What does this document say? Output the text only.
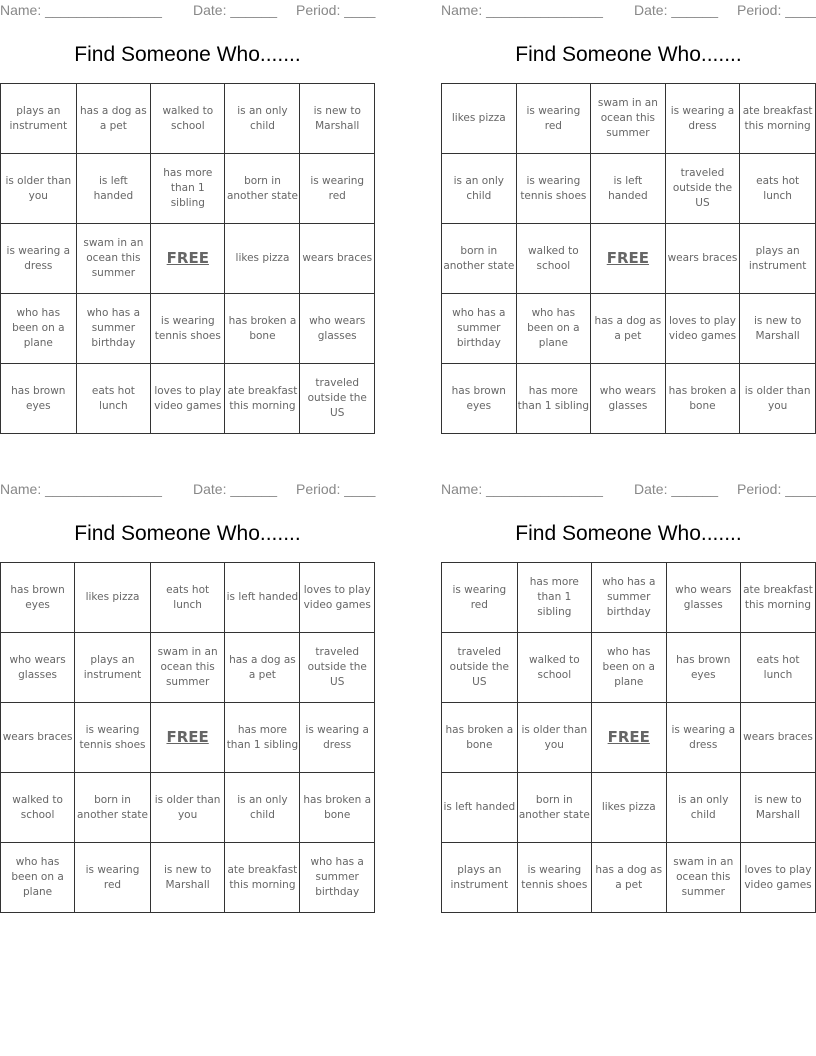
Name: _______________ Date: ______ Period: ____
Find Someone Who.......
plays an instrument	has a dog as a pet	walked to school	is an only child	is new to Marshall
is older than you	is left handed	has more than 1 sibling	born in another state	is wearing red
is wearing a dress	swam in an ocean this summer	FREE	likes pizza	wears braces
who has been on a plane	who has a summer birthday	is wearing tennis shoes	has broken a bone	who wears glasses
has brown eyes	eats hot lunch	loves to play video games	ate breakfast this morning	traveled outside the US
Name: _______________ Date: ______ Period: ____
Find Someone Who.......
likes pizza	is wearing red	swam in an ocean this summer	is wearing a dress	ate breakfast this morning
is an only child	is wearing tennis shoes	is left handed	traveled outside the US	eats hot lunch
born in another state	walked to school	FREE	wears braces	plays an instrument
who has a summer birthday	who has been on a plane	has a dog as a pet	loves to play video games	is new to Marshall
has brown eyes	has more than 1 sibling	who wears glasses	has broken a bone	is older than you
Name: _______________ Date: ______ Period: ____
Find Someone Who.......
has brown eyes	likes pizza	eats hot lunch	is left handed	loves to play video games
who wears glasses	plays an instrument	swam in an ocean this summer	has a dog as a pet	traveled outside the US
wears braces	is wearing tennis shoes	FREE	has more than 1 sibling	is wearing a dress
walked to school	born in another state	is older than you	is an only child	has broken a bone
who has been on a plane	is wearing red	is new to Marshall	ate breakfast this morning	who has a summer birthday
Name: _______________ Date: ______ Period: ____
Find Someone Who.......
is wearing red	has more than 1 sibling	who has a summer birthday	who wears glasses	ate breakfast this morning
traveled outside the US	walked to school	who has been on a plane	has brown eyes	eats hot lunch
has broken a bone	is older than you	FREE	is wearing a dress	wears braces
is left handed	born in another state	likes pizza	is an only child	is new to Marshall
plays an instrument	is wearing tennis shoes	has a dog as a pet	swam in an ocean this summer	loves to play video games
